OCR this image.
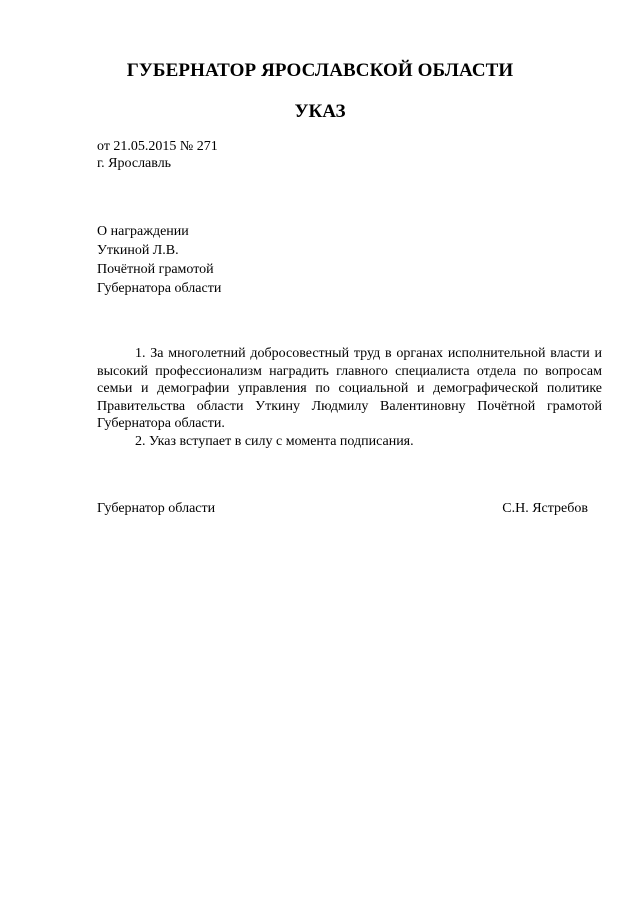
ГУБЕРНАТОР ЯРОСЛАВСКОЙ ОБЛАСТИ
УКАЗ
от 21.05.2015 № 271
г. Ярославль
О награждении
Уткиной Л.В.
Почётной грамотой
Губернатора области

1. За многолетний добросовестный труд в органах исполнительной власти и высокий профессионализм наградить главного специалиста отдела по вопросам семьи и демографии управления по социальной и демографической политике Правительства области Уткину Людмилу Валентиновну Почётной грамотой Губернатора области.

2. Указ вступает в силу с момента подписания.

Губернатор области	С.Н. Ястребов
